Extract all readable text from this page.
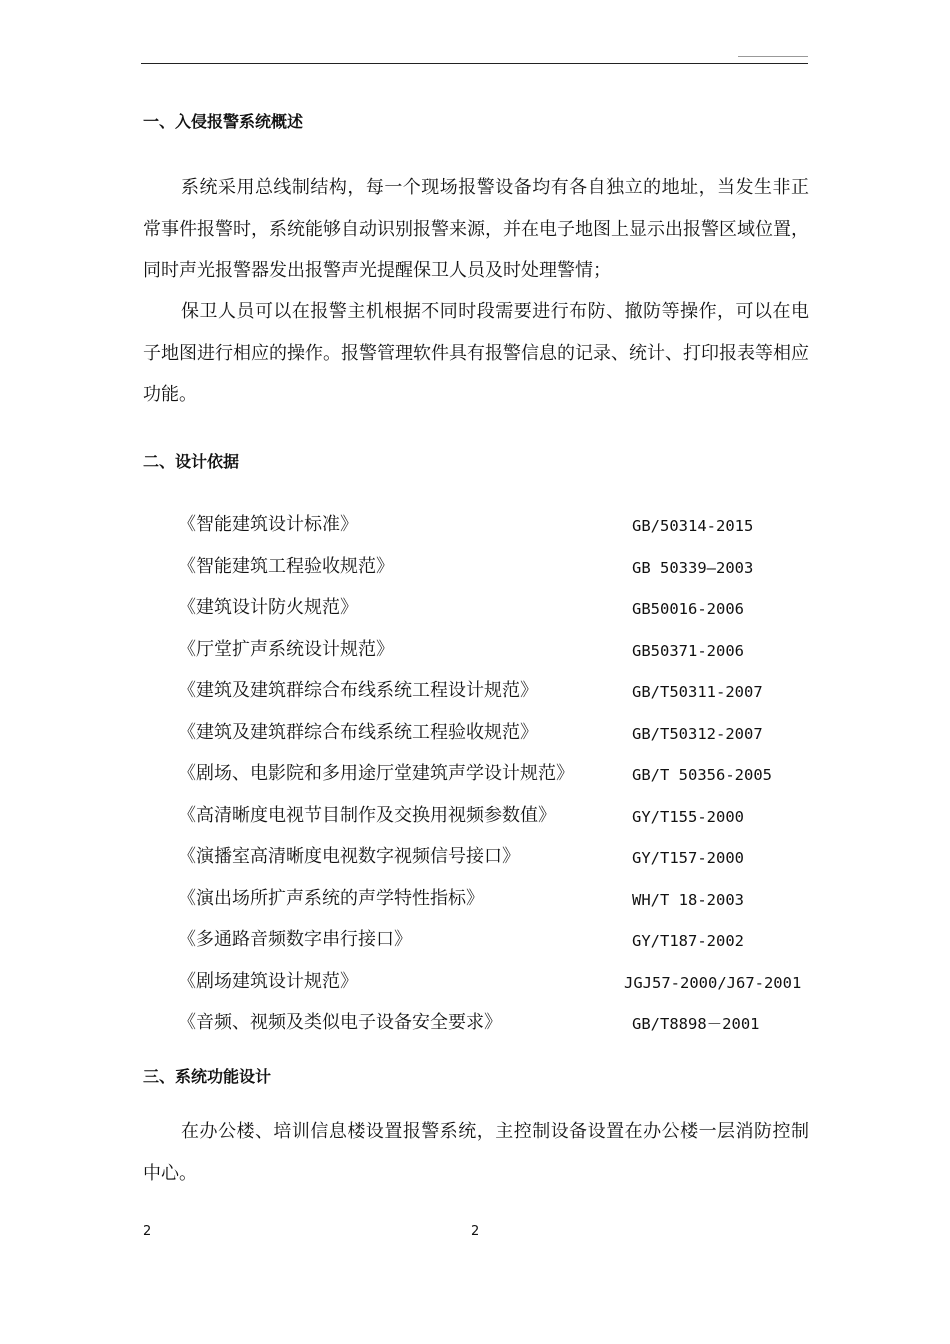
一、入侵报警系统概述
系统采用总线制结构，每一个现场报警设备均有各自独立的地址，当发生非正常事件报警时，系统能够自动识别报警来源，并在电子地图上显示出报警区域位置，同时声光报警器发出报警声光提醒保卫人员及时处理警情；
保卫人员可以在报警主机根据不同时段需要进行布防、撤防等操作，可以在电子地图进行相应的操作。报警管理软件具有报警信息的记录、统计、打印报表等相应功能。
二、设计依据
《智能建筑设计标准》	GB/50314-2015
《智能建筑工程验收规范》	GB 50339—2003
《建筑设计防火规范》	GB50016-2006
《厅堂扩声系统设计规范》	GB50371-2006
《建筑及建筑群综合布线系统工程设计规范》	GB/T50311-2007
《建筑及建筑群综合布线系统工程验收规范》	GB/T50312-2007
《剧场、电影院和多用途厅堂建筑声学设计规范》	GB/T 50356-2005
《高清晰度电视节目制作及交换用视频参数值》	GY/T155-2000
《演播室高清晰度电视数字视频信号接口》	GY/T157-2000
《演出场所扩声系统的声学特性指标》	WH/T 18-2003
《多通路音频数字串行接口》	GY/T187-2002
《剧场建筑设计规范》	JGJ57-2000/J67-2001
《音频、视频及类似电子设备安全要求》	GB/T8898－2001
三、系统功能设计
在办公楼、培训信息楼设置报警系统，主控制设备设置在办公楼一层消防控制中心。
2	2
